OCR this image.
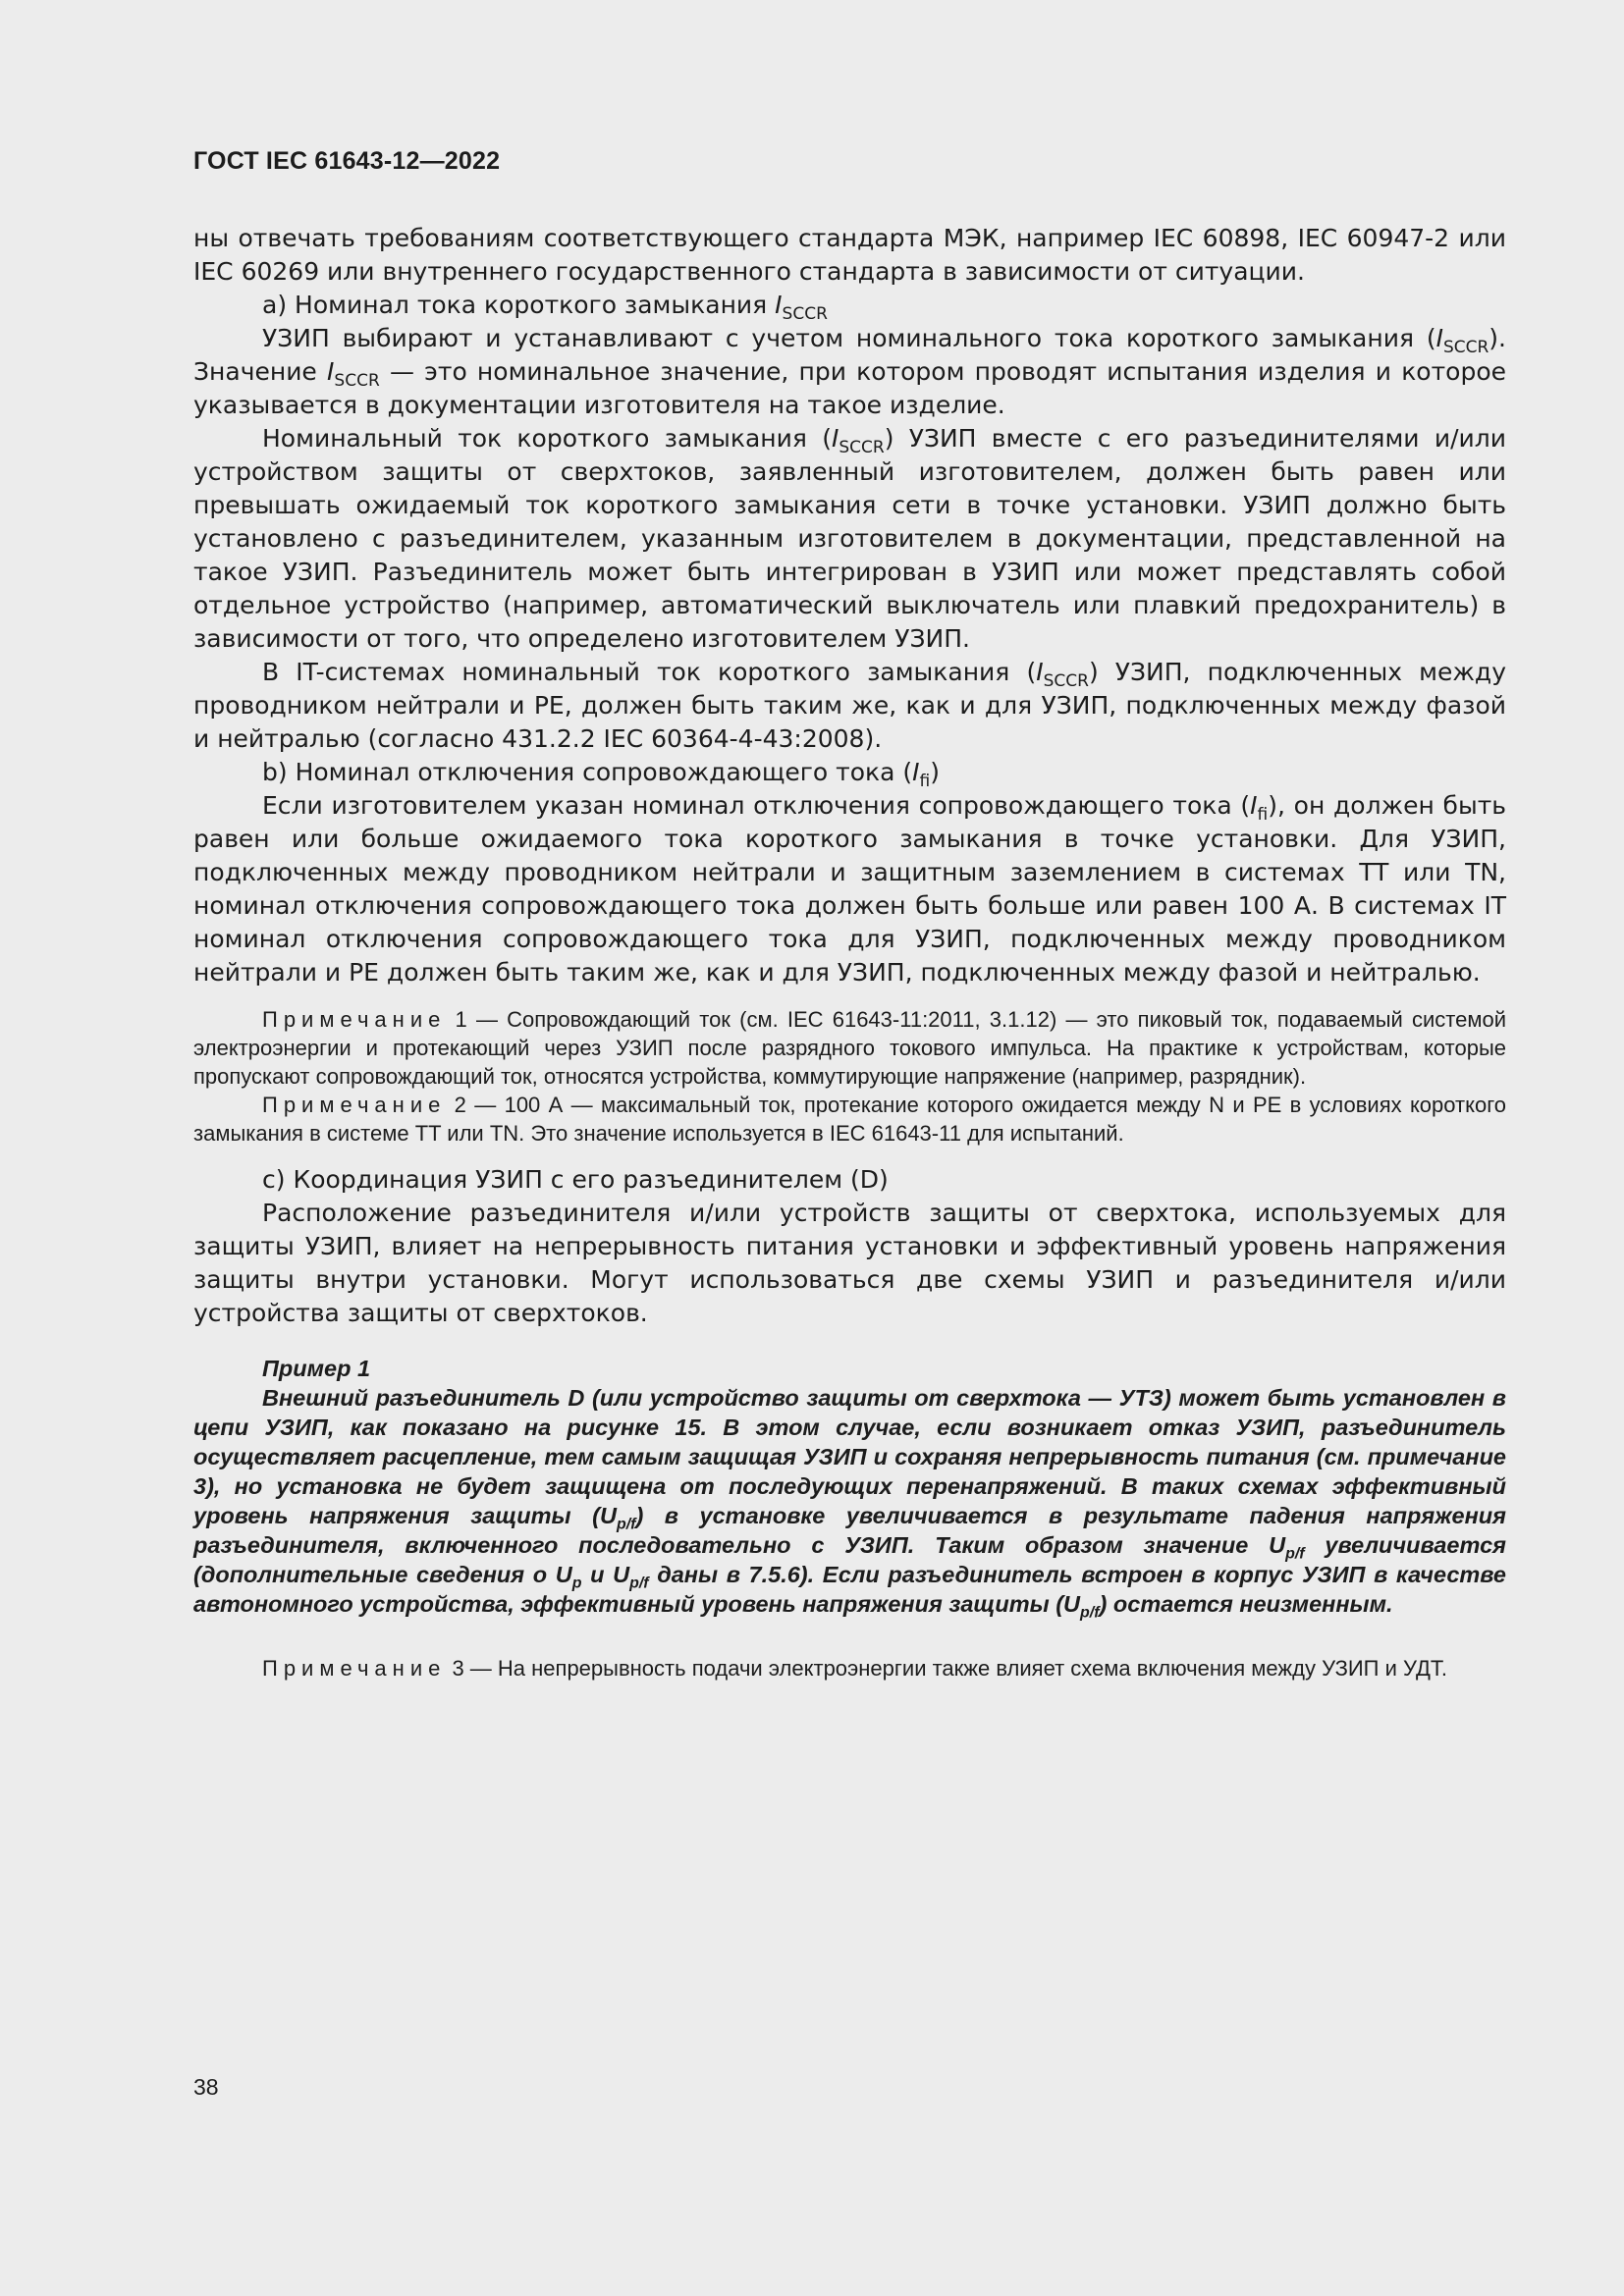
ГОСТ IEC 61643-12—2022

ны отвечать требованиям соответствующего стандарта МЭК, например IEC 60898, IEC 60947-2 или IEC 60269 или внутреннего государственного стандарта в зависимости от ситуации.

a) Номинал тока короткого замыкания $I_{SCCR}$

УЗИП выбирают и устанавливают с учетом номинального тока короткого замыкания $(I_{SCCR})$. Значение $I_{SCCR}$ — это номинальное значение, при котором проводят испытания изделия и которое указывается в документации изготовителя на такое изделие.

Номинальный ток короткого замыкания $(I_{SCCR})$ УЗИП вместе с его разъединителями и/или устройством защиты от сверхтоков, заявленный изготовителем, должен быть равен или превышать ожидаемый ток короткого замыкания сети в точке установки. УЗИП должно быть установлено с разъединителем, указанным изготовителем в документации, представленной на такое УЗИП. Разъединитель может быть интегрирован в УЗИП или может представлять собой отдельное устройство (например, автоматический выключатель или плавкий предохранитель) в зависимости от того, что определено изготовителем УЗИП.

В IT-системах номинальный ток короткого замыкания $(I_{SCCR})$ УЗИП, подключенных между проводником нейтрали и PE, должен быть таким же, как и для УЗИП, подключенных между фазой и нейтралью (согласно 431.2.2 IEC 60364-4-43:2008).

b) Номинал отключения сопровождающего тока $(I_{fi})$

Если изготовителем указан номинал отключения сопровождающего тока $(I_{fi})$, он должен быть равен или больше ожидаемого тока короткого замыкания в точке установки. Для УЗИП, подключенных между проводником нейтрали и защитным заземлением в системах TT или TN, номинал отключения сопровождающего тока должен быть больше или равен 100 А. В системах IT номинал отключения сопровождающего тока для УЗИП, подключенных между проводником нейтрали и PE должен быть таким же, как и для УЗИП, подключенных между фазой и нейтралью.

Примечание 1 — Сопровождающий ток (см. IEC 61643-11:2011, 3.1.12) — это пиковый ток, подаваемый системой электроэнергии и протекающий через УЗИП после разрядного токового импульса. На практике к устройствам, которые пропускают сопровождающий ток, относятся устройства, коммутирующие напряжение (например, разрядник).

Примечание 2 — 100 А — максимальный ток, протекание которого ожидается между N и PE в условиях короткого замыкания в системе TT или TN. Это значение используется в IEC 61643-11 для испытаний.

c) Координация УЗИП с его разъединителем (D)

Расположение разъединителя и/или устройств защиты от сверхтока, используемых для защиты УЗИП, влияет на непрерывность питания установки и эффективный уровень напряжения защиты внутри установки. Могут использоваться две схемы УЗИП и разъединителя и/или устройства защиты от сверхтоков.

Пример 1

Внешний разъединитель D (или устройство защиты от сверхтока — УТЗ) может быть установлен в цепи УЗИП, как показано на рисунке 15. В этом случае, если возникает отказ УЗИП, разъединитель осуществляет расцепление, тем самым защищая УЗИП и сохраняя непрерывность питания (см. примечание 3), но установка не будет защищена от последующих перенапряжений. В таких схемах эффективный уровень напряжения защиты $(U_{p/f})$ в установке увеличивается в результате падения напряжения разъединителя, включенного последовательно с УЗИП. Таким образом значение $U_{p/f}$ увеличивается (дополнительные сведения о $U_p$ и $U_{p/f}$ даны в 7.5.6). Если разъединитель встроен в корпус УЗИП в качестве автономного устройства, эффективный уровень напряжения защиты $(U_{p/f})$ остается неизменным.

Примечание 3 — На непрерывность подачи электроэнергии также влияет схема включения между УЗИП и УДТ.

38
